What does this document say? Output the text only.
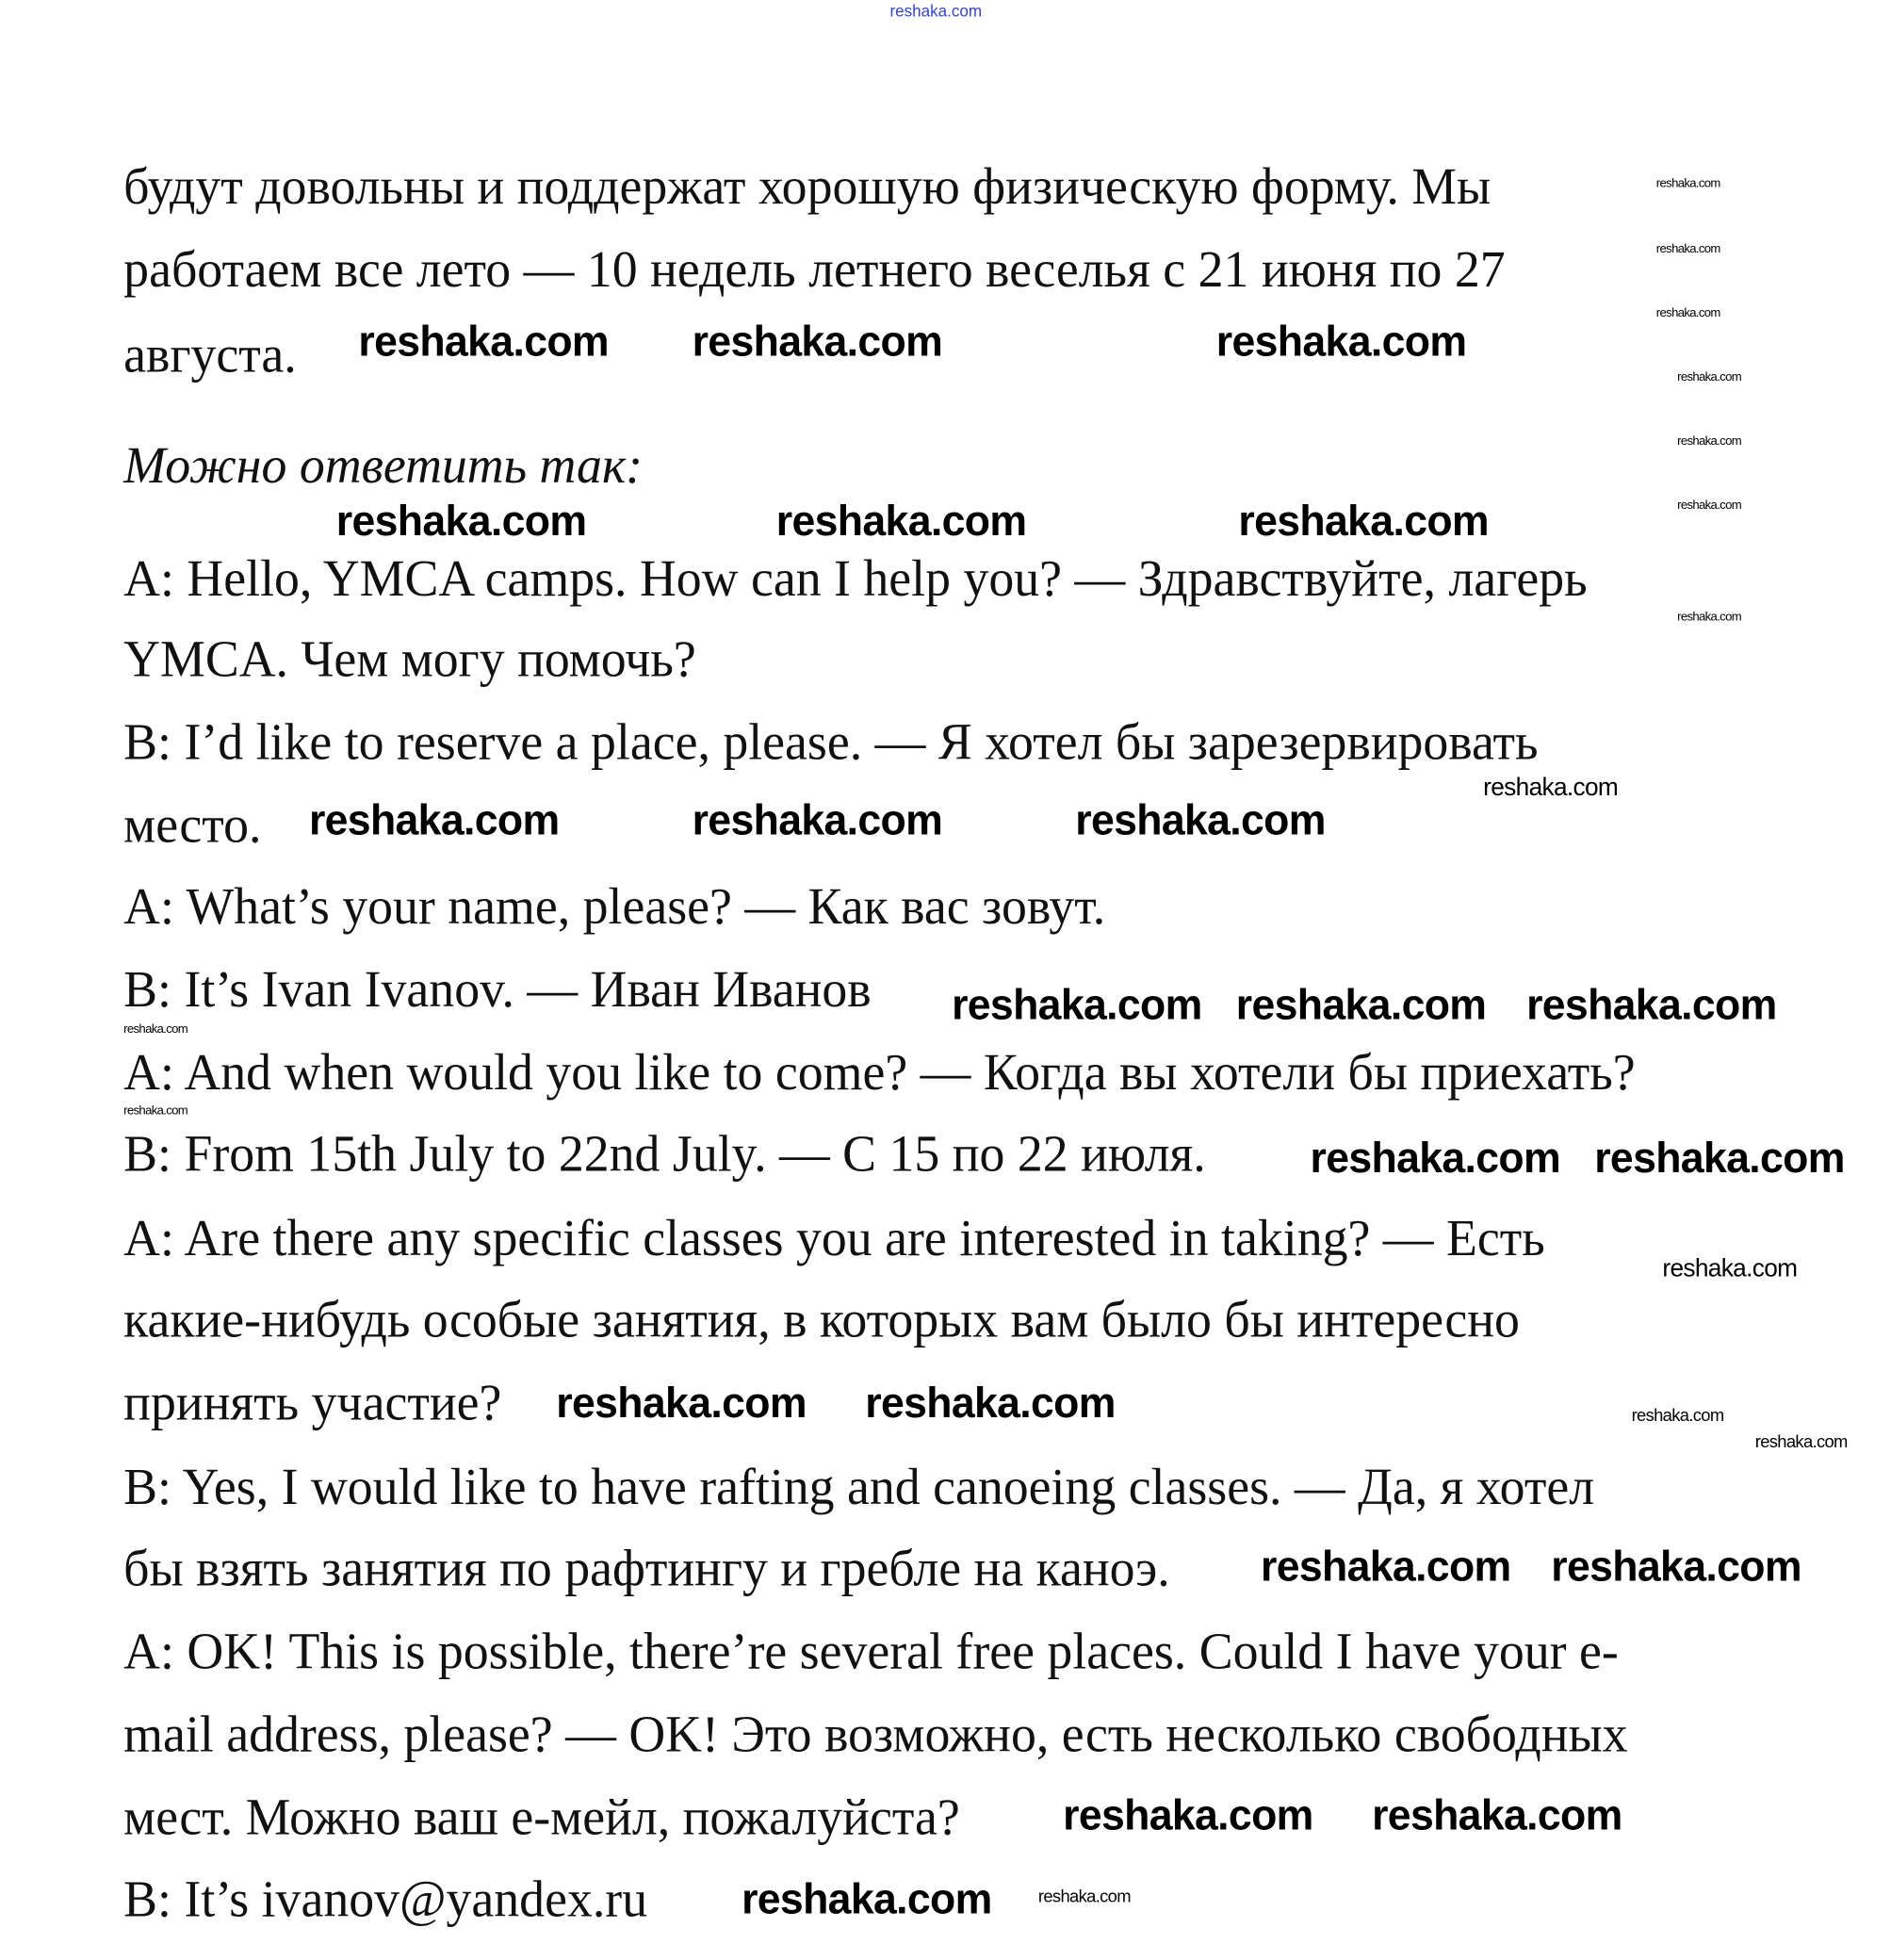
reshaka.com
будут довольны и поддержат хорошую физическую форму. Мы
работаем все лето — 10 недель летнего веселья с 21 июня по 27
августа.
Можно ответить так:
A: Hello, YMCA camps. How can I help you? — Здравствуйте, лагерь
YMCA. Чем могу помочь?
B: I’d like to reserve a place, please. — Я хотел бы зарезервировать
место.
A: What’s your name, please? — Как вас зовут.
B: It’s Ivan Ivanov. — Иван Иванов
A: And when would you like to come? — Когда вы хотели бы приехать?
B: From 15th July to 22nd July. — С 15 по 22 июля.
A: Are there any specific classes you are interested in taking? — Есть
какие-нибудь особые занятия, в которых вам было бы интересно
принять участие?
B: Yes, I would like to have rafting and canoeing classes. — Да, я хотел
бы взять занятия по рафтингу и гребле на каноэ.
A: OK! This is possible, there’re several free places. Could I have your e-
mail address, please? — OK! Это возможно, есть несколько свободных
мест. Можно ваш е-мейл, пожалуйста?
B: It’s ivanov@yandex.ru
reshaka.com
reshaka.com
reshaka.com
reshaka.com
reshaka.com
reshaka.com
reshaka.com
reshaka.com
reshaka.com
reshaka.com
reshaka.com
reshaka.com
reshaka.com
reshaka.com
reshaka.com	reshaka.com	reshaka.com
reshaka.com	reshaka.com	reshaka.com
reshaka.com	reshaka.com	reshaka.com
reshaka.com
reshaka.com	reshaka.com
reshaka.com reshaka.com
reshaka.com reshaka.com
reshaka.com reshaka.com
reshaka.com reshaka.com
reshaka.com
